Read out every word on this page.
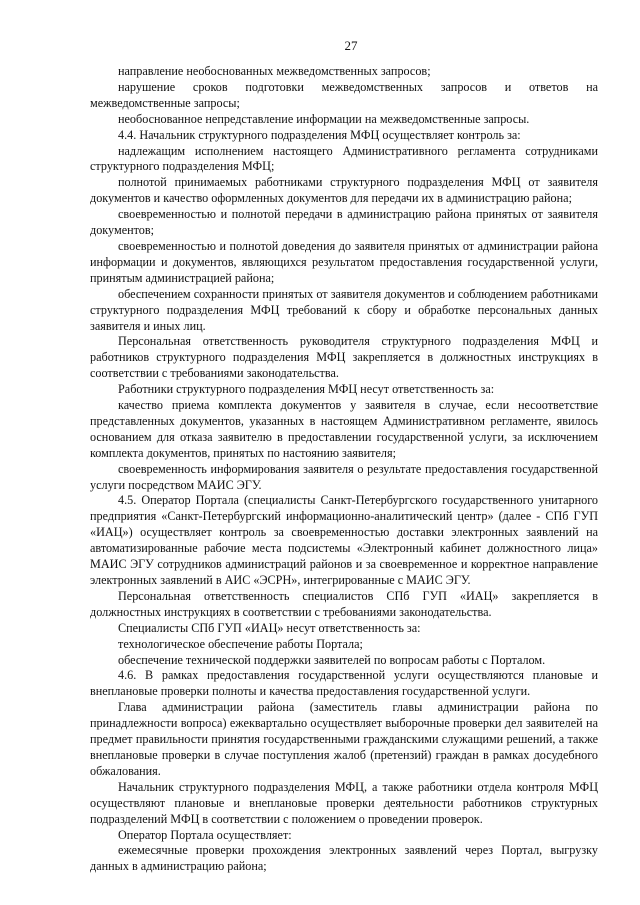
27

направление необоснованных межведомственных запросов;

нарушение сроков подготовки межведомственных запросов и ответов на межведомственные запросы;

необоснованное непредставление информации на межведомственные запросы.

4.4. Начальник структурного подразделения МФЦ осуществляет контроль за:

надлежащим исполнением настоящего Административного регламента сотрудниками структурного подразделения МФЦ;

полнотой принимаемых работниками структурного подразделения МФЦ от заявителя документов и качество оформленных документов для передачи их в администрацию района;

своевременностью и полнотой передачи в администрацию района принятых от заявителя документов;

своевременностью и полнотой доведения до заявителя принятых от администрации района информации и документов, являющихся результатом предоставления государственной услуги, принятым администрацией района;

обеспечением сохранности принятых от заявителя документов и соблюдением работниками структурного подразделения МФЦ требований к сбору и обработке персональных данных заявителя и иных лиц.

Персональная ответственность руководителя структурного подразделения МФЦ и работников структурного подразделения МФЦ закрепляется в должностных инструкциях в соответствии с требованиями законодательства.

Работники структурного подразделения МФЦ несут ответственность за:

качество приема комплекта документов у заявителя в случае, если несоответствие представленных документов, указанных в настоящем Административном регламенте, явилось основанием для отказа заявителю в предоставлении государственной услуги, за исключением комплекта документов, принятых по настоянию заявителя;

своевременность информирования заявителя о результате предоставления государственной услуги посредством МАИС ЭГУ.

4.5. Оператор Портала (специалисты Санкт-Петербургского государственного унитарного предприятия «Санкт-Петербургский информационно-аналитический центр» (далее - СПб ГУП «ИАЦ») осуществляет контроль за своевременностью доставки электронных заявлений на автоматизированные рабочие места подсистемы «Электронный кабинет должностного лица» МАИС ЭГУ сотрудников администраций районов и за своевременное и корректное направление электронных заявлений в АИС «ЭСРН», интегрированные с МАИС ЭГУ.

Персональная ответственность специалистов СПб ГУП «ИАЦ» закрепляется в должностных инструкциях в соответствии с требованиями законодательства.

Специалисты СПб ГУП «ИАЦ» несут ответственность за:

технологическое обеспечение работы Портала;

обеспечение технической поддержки заявителей по вопросам работы с Порталом.

4.6. В рамках предоставления государственной услуги осуществляются плановые и внеплановые проверки полноты и качества предоставления государственной услуги.

Глава администрации района (заместитель главы администрации района по принадлежности вопроса) ежеквартально осуществляет выборочные проверки дел заявителей на предмет правильности принятия государственными гражданскими служащими решений, а также внеплановые проверки в случае поступления жалоб (претензий) граждан в рамках досудебного обжалования.

Начальник структурного подразделения МФЦ, а также работники отдела контроля МФЦ осуществляют плановые и внеплановые проверки деятельности работников структурных подразделений МФЦ в соответствии с положением о проведении проверок.

Оператор Портала осуществляет:

ежемесячные проверки прохождения электронных заявлений через Портал, выгрузку данных в администрацию района;
